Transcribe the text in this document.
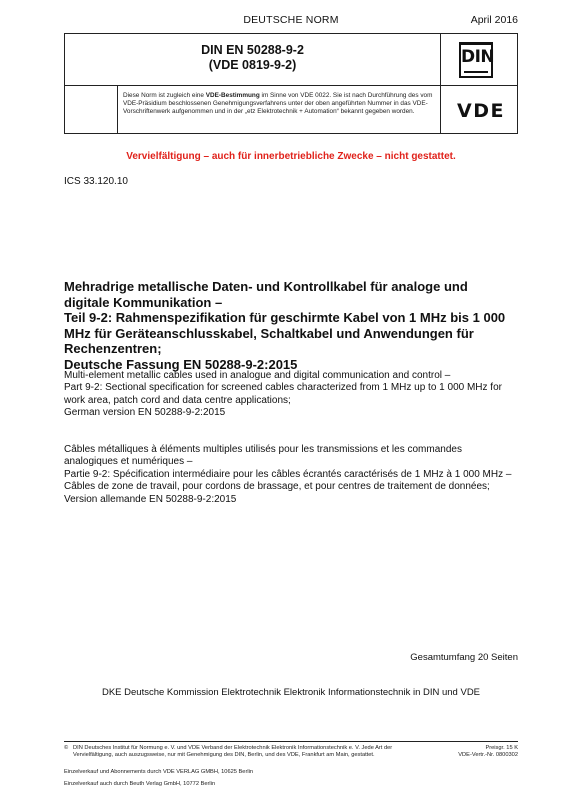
DEUTSCHE NORM	April 2016
DIN EN 50288-9-2
(VDE 0819-9-2)	DIN
Diese Norm ist zugleich eine VDE-Bestimmung im Sinne von VDE 0022. Sie ist nach Durchführung des vom VDE-Präsidium beschlossenen Genehmigungsverfahrens unter der oben angeführten Nummer in das VDE-Vorschriftenwerk aufgenommen und in der „etz Elektrotechnik + Automation“ bekannt gegeben worden.	VDE
Vervielfältigung – auch für innerbetriebliche Zwecke – nicht gestattet.
ICS 33.120.10
Mehradrige metallische Daten- und Kontrollkabel für analoge und digitale Kommunikation –
Teil 9-2: Rahmenspezifikation für geschirmte Kabel von 1 MHz bis 1 000 MHz für Geräteanschlusskabel, Schaltkabel und Anwendungen für Rechenzentren;
Deutsche Fassung EN 50288-9-2:2015
Multi-element metallic cables used in analogue and digital communication and control –
Part 9-2: Sectional specification for screened cables characterized from 1 MHz up to 1 000 MHz for work area, patch cord and data centre applications;
German version EN 50288-9-2:2015
Câbles métalliques à éléments multiples utilisés pour les transmissions et les commandes analogiques et numériques –
Partie 9-2: Spécification intermédiaire pour les câbles écrantés caractérisés de 1 MHz à 1 000 MHz – Câbles de zone de travail, pour cordons de brassage, et pour centres de traitement de données;
Version allemande EN 50288-9-2:2015
Gesamtumfang 20 Seiten
DKE Deutsche Kommission Elektrotechnik Elektronik Informationstechnik in DIN und VDE
© DIN Deutsches Institut für Normung e. V. und VDE Verband der Elektrotechnik Elektronik Informationstechnik e. V. Jede Art der Vervielfältigung, auch auszugsweise, nur mit Genehmigung des DIN, Berlin, und des VDE, Frankfurt am Main, gestattet.
Preisgr. 15 K
VDE-Vertr.-Nr. 0800302
Einzelverkauf und Abonnements durch VDE VERLAG GMBH, 10625 Berlin
Einzelverkauf auch durch Beuth Verlag GmbH, 10772 Berlin
